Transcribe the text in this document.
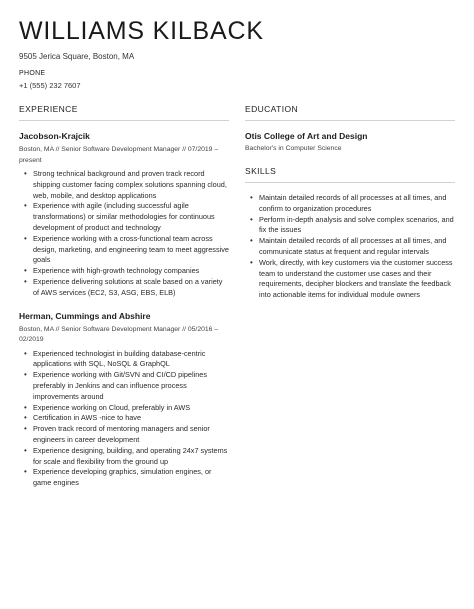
WILLIAMS KILBACK
9505 Jerica Square, Boston, MA
PHONE
+1 (555) 232 7607
EXPERIENCE
Jacobson-Krajcik
Boston, MA // Senior Software Development Manager // 07/2019 – present
• Strong technical background and proven track record shipping customer facing complex solutions spanning cloud, web, mobile, and desktop applications
• Experience with agile (including successful agile transformations) or similar methodologies for continuous development of product and technology
• Experience working with a cross-functional team across design, marketing, and engineering team to meet aggressive goals
• Experience with high-growth technology companies
• Experience delivering solutions at scale based on a variety of AWS services (EC2, S3, ASG, EBS, ELB)
Herman, Cummings and Abshire
Boston, MA // Senior Software Development Manager // 05/2016 – 02/2019
• Experienced technologist in building database-centric applications with SQL, NoSQL & GraphQL
• Experience working with Git/SVN and CI/CD pipelines preferably in Jenkins and can influence process improvements around
• Experience working on Cloud, preferably in AWS
• Certification in AWS -nice to have
• Proven track record of mentoring managers and senior engineers in career development
• Experience designing, building, and operating 24x7 systems for scale and flexibility from the ground up
• Experience developing graphics, simulation engines, or game engines
EDUCATION
Otis College of Art and Design
Bachelor's in Computer Science
SKILLS
• Maintain detailed records of all processes at all times, and confirm to organization procedures
• Perform in-depth analysis and solve complex scenarios, and fix the issues
• Maintain detailed records of all processes at all times, and communicate status at frequent and regular intervals
• Work, directly, with key customers via the customer success team to understand the customer use cases and their requirements, decipher blockers and translate the feedback into actionable items for individual module owners
